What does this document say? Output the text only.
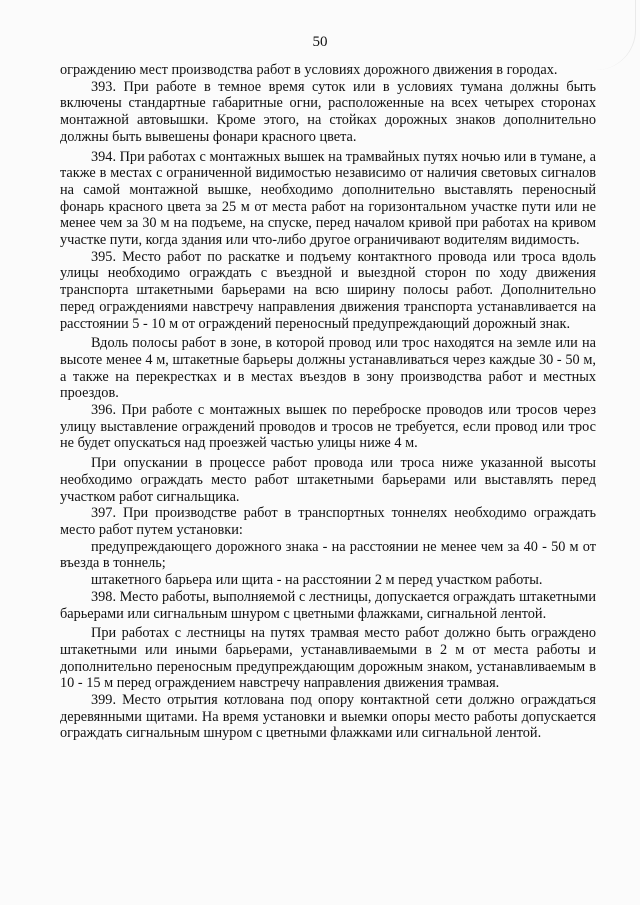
50

ограждению мест производства работ в условиях дорожного движения в городах.

393. При работе в темное время суток или в условиях тумана должны быть включены стандартные габаритные огни, расположенные на всех четырех сторонах монтажной автовышки. Кроме этого, на стойках дорожных знаков дополнительно должны быть вывешены фонари красного цвета.

394. При работах с монтажных вышек на трамвайных путях ночью или в тумане, а также в местах с ограниченной видимостью независимо от наличия световых сигналов на самой монтажной вышке, необходимо дополнительно выставлять переносный фонарь красного цвета за 25 м от места работ на горизонтальном участке пути или не менее чем за 30 м на подъеме, на спуске, перед началом кривой при работах на кривом участке пути, когда здания или что-либо другое ограничивают водителям видимость.

395. Место работ по раскатке и подъему контактного провода или троса вдоль улицы необходимо ограждать с въездной и выездной сторон по ходу движения транспорта штакетными барьерами на всю ширину полосы работ. Дополнительно перед ограждениями навстречу направления движения транспорта устанавливается на расстоянии 5 - 10 м от ограждений переносный предупреждающий дорожный знак.

Вдоль полосы работ в зоне, в которой провод или трос находятся на земле или на высоте менее 4 м, штакетные барьеры должны устанавливаться через каждые 30 - 50 м, а также на перекрестках и в местах въездов в зону производства работ и местных проездов.

396. При работе с монтажных вышек по переброске проводов или тросов через улицу выставление ограждений проводов и тросов не требуется, если провод или трос не будет опускаться над проезжей частью улицы ниже 4 м.

При опускании в процессе работ провода или троса ниже указанной высоты необходимо ограждать место работ штакетными барьерами или выставлять перед участком работ сигнальщика.

397. При производстве работ в транспортных тоннелях необходимо ограждать место работ путем установки:

предупреждающего дорожного знака - на расстоянии не менее чем за 40 - 50 м от въезда в тоннель;

штакетного барьера или щита - на расстоянии 2 м перед участком работы.

398. Место работы, выполняемой с лестницы, допускается ограждать штакетными барьерами или сигнальным шнуром с цветными флажками, сигнальной лентой.

При работах с лестницы на путях трамвая место работ должно быть ограждено штакетными или иными барьерами, устанавливаемыми в 2 м от места работы и дополнительно переносным предупреждающим дорожным знаком, устанавливаемым в 10 - 15 м перед ограждением навстречу направления движения трамвая.

399. Место отрытия котлована под опору контактной сети должно ограждаться деревянными щитами. На время установки и выемки опоры место работы допускается ограждать сигнальным шнуром с цветными флажками или сигнальной лентой.
